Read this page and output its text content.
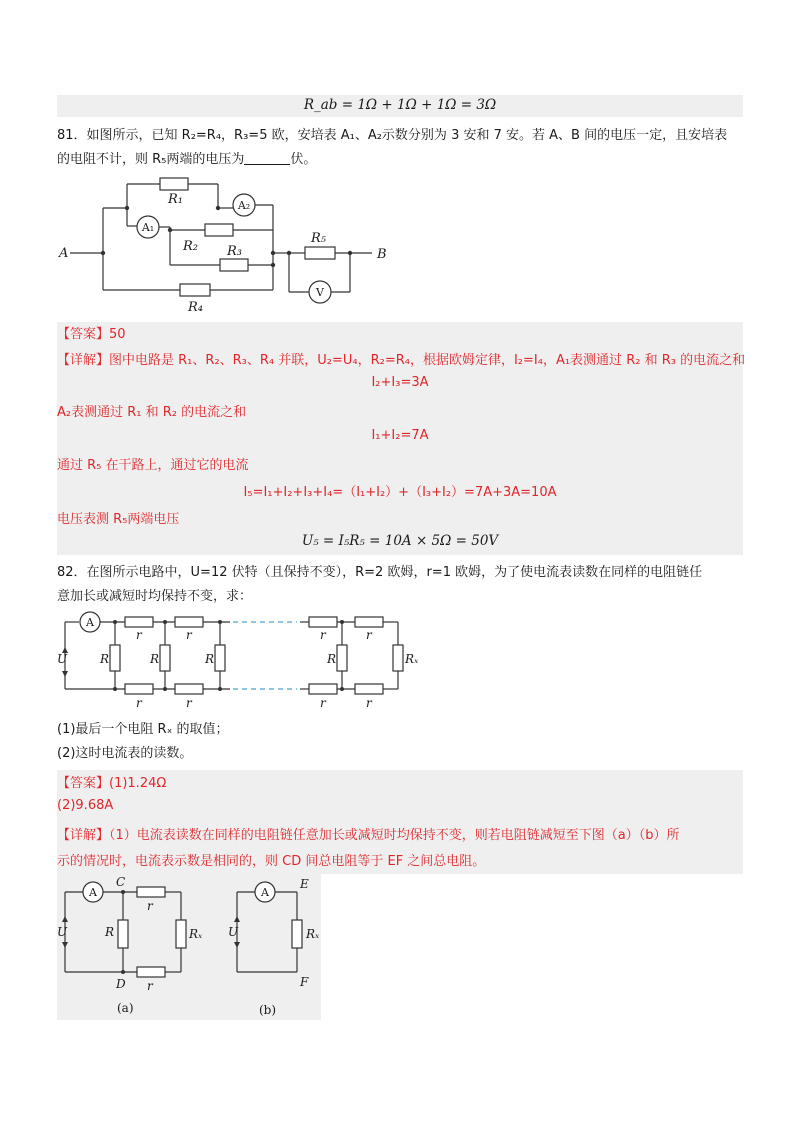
R_ab = 1Ω + 1Ω + 1Ω = 3Ω
81．如图所示，已知 R₂=R₄，R₃=5 欧，安培表 A₁、A₂示数分别为 3 安和 7 安。若 A、B 间的电压一定，且安培表
的电阻不计，则 R₅两端的电压为	伏。
A	B
R₁
R₂ R₃
R₄
R₅
A₁
A₂
V
【答案】50
【详解】图中电路是 R₁、R₂、R₃、R₄ 并联，U₂=U₄，R₂=R₄，根据欧姆定律，I₂=I₄，A₁表测通过 R₂ 和 R₃ 的电流之和
I₂+I₃=3A
A₂表测通过 R₁ 和 R₂ 的电流之和
I₁+I₂=7A
通过 R₅ 在干路上，通过它的电流
I₅=I₁+I₂+I₃+I₄=（I₁+I₂）+（I₃+I₂）=7A+3A=10A
电压表测 R₅两端电压
U₅ = I₅R₅ = 10A × 5Ω = 50V
82．在图所示电路中，U=12 伏特（且保持不变），R=2 欧姆，r=1 欧姆，为了使电流表读数在同样的电阻链任
意加长或减短时均保持不变，求：
A
U	R	R	R	R	Rₓ
r	r	r	r
r	r	r	r
(1)最后一个电阻 Rₓ 的取值；
(2)这时电流表的读数。
【答案】(1)1.24Ω
(2)9.68A
【详解】（1）电流表读数在同样的电阻链任意加长或减短时均保持不变，则若电阻链减短至下图（a）（b）所
示的情况时，电流表示数是相同的，则 CD 间总电阻等于 EF 之间总电阻。
A
C
D
U	R
r
r
Rₓ
A
E
F
U	Rₓ
(a)	(b)
